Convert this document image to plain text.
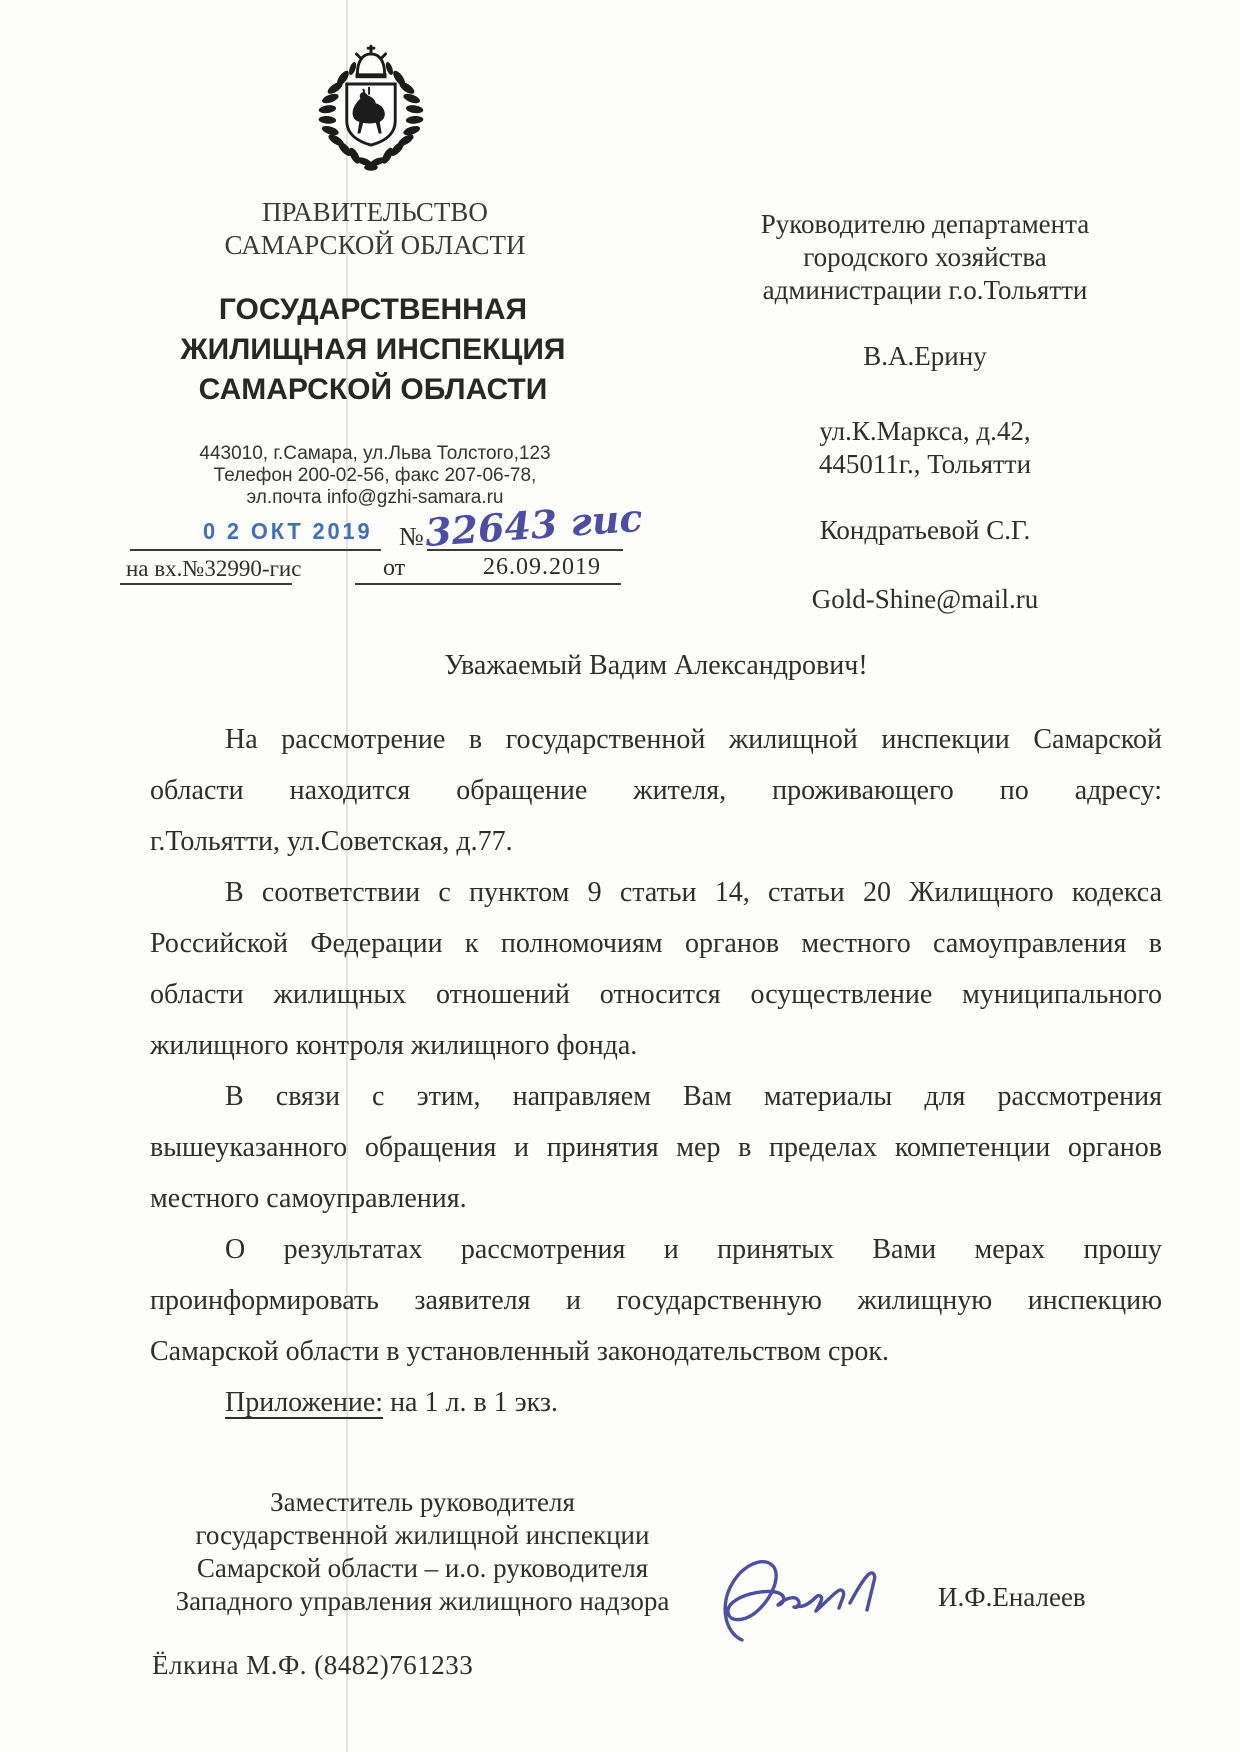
ПРАВИТЕЛЬСТВО
САМАРСКОЙ ОБЛАСТИ
ГОСУДАРСТВЕННАЯ
ЖИЛИЩНАЯ ИНСПЕКЦИЯ
САМАРСКОЙ ОБЛАСТИ
443010, г.Самара, ул.Льва Толстого,123
Телефон 200-02-56, факс 207-06-78,
эл.почта info@gzhi-samara.ru
0 2 ОКТ 2019 № 32643 гис
на вх.№32990-гис	от	26.09.2019
Руководителю департамента
городского хозяйства
администрации г.о.Тольятти
В.А.Ерину
ул.К.Маркса, д.42,
445011г., Тольятти
Кондратьевой С.Г.
Gold-Shine@mail.ru
Уважаемый Вадим Александрович!
На рассмотрение в государственной жилищной инспекции Самарской
области находится обращение жителя, проживающего по адресу:
г.Тольятти, ул.Советская, д.77.
В соответствии с пунктом 9 статьи 14, статьи 20 Жилищного кодекса
Российской Федерации к полномочиям органов местного самоуправления в
области жилищных отношений относится осуществление муниципального
жилищного контроля жилищного фонда.
В связи с этим, направляем Вам материалы для рассмотрения
вышеуказанного обращения и принятия мер в пределах компетенции органов
местного самоуправления.
О результатах рассмотрения и принятых Вами мерах прошу
проинформировать заявителя и государственную жилищную инспекцию
Самарской области в установленный законодательством срок.
Приложение: на 1 л. в 1 экз.
Заместитель руководителя
государственной жилищной инспекции
Самарской области – и.о. руководителя
Западного управления жилищного надзора	И.Ф.Еналеев
Ёлкина М.Ф. (8482)761233
